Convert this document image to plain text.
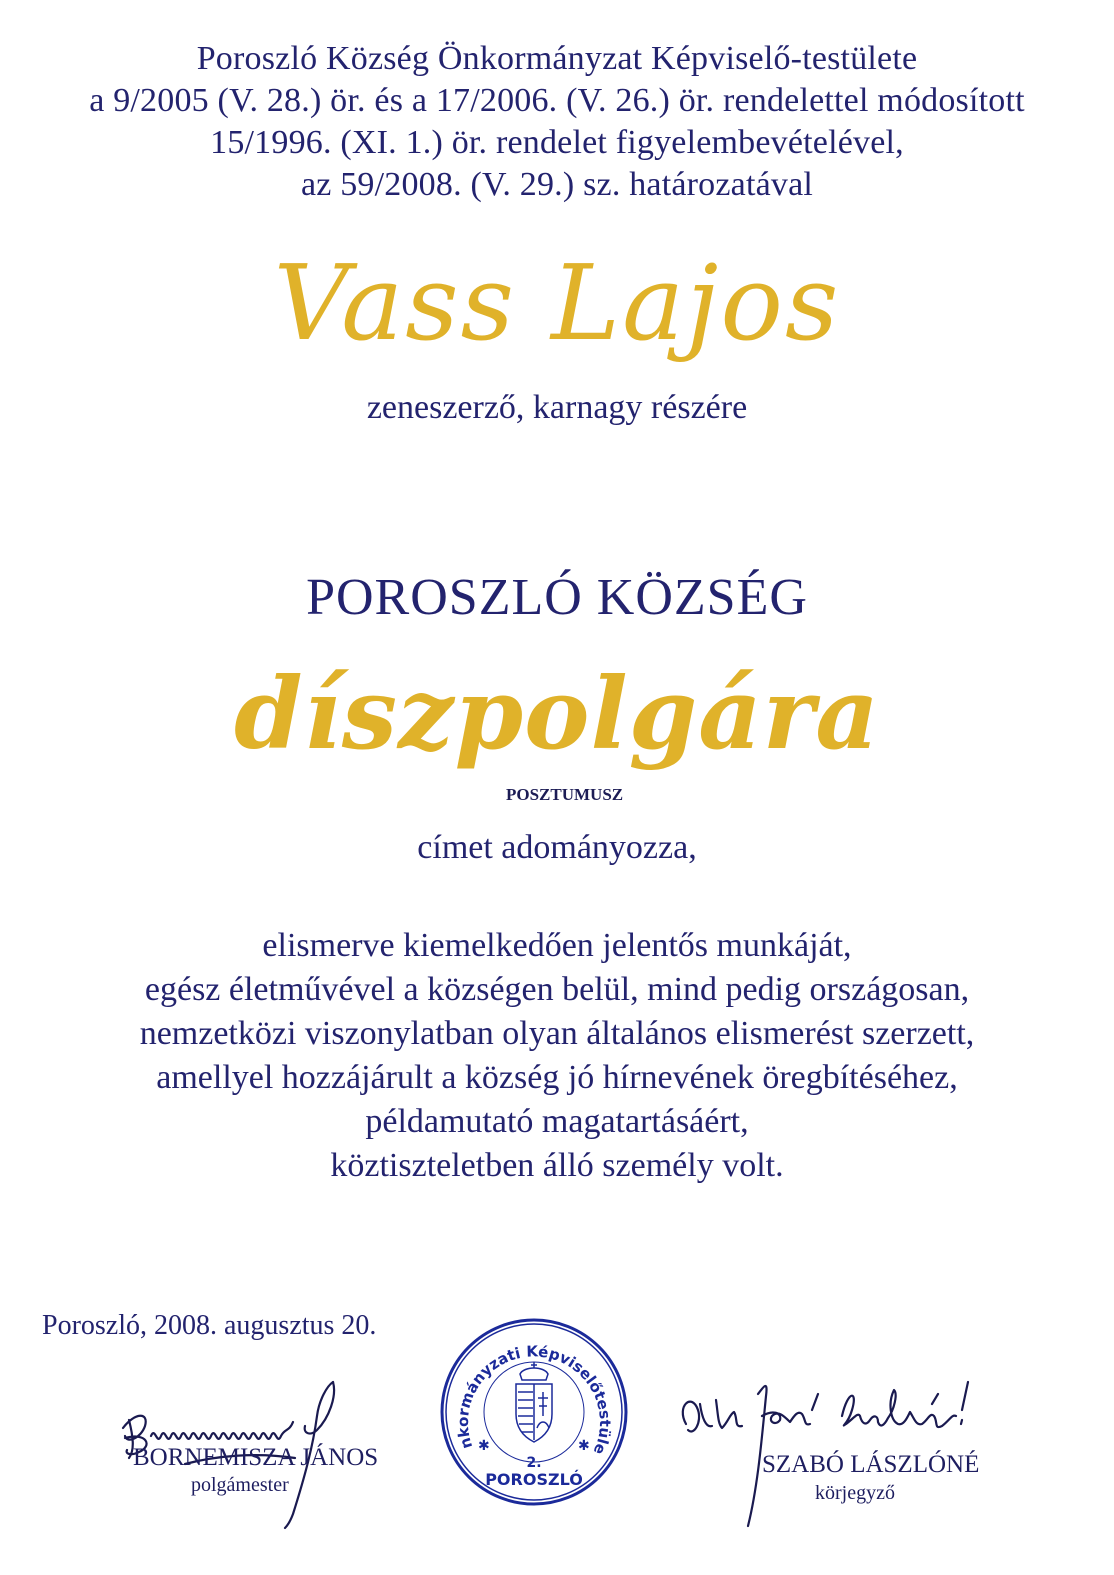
Poroszló Község Önkormányzat Képviselő-testülete
a 9/2005 (V. 28.) ör. és a 17/2006. (V. 26.) ör. rendelettel módosított
15/1996. (XI. 1.) ör. rendelet figyelembevételével,
az 59/2008. (V. 29.) sz. határozatával
Vass Lajos
zeneszerző, karnagy részére
POROSZLÓ KÖZSÉG
díszpolgára
POSZTUMUSZ
címet adományozza,
elismerve kiemelkedően jelentős munkáját,
egész életművével a községen belül, mind pedig országosan,
nemzetközi viszonylatban olyan általános elismerést szerzett,
amellyel hozzájárult a község jó hírnevének öregbítéséhez,
példamutató magatartásáért,
köztiszteletben álló személy volt.
Poroszló, 2008. augusztus 20.
BORNEMISZA JÁNOS
polgámester
nkormányzati Képviselőtestüle
✱	✱
2.
POROSZLÓ
SZABÓ LÁSZLÓNÉ
körjegyző
